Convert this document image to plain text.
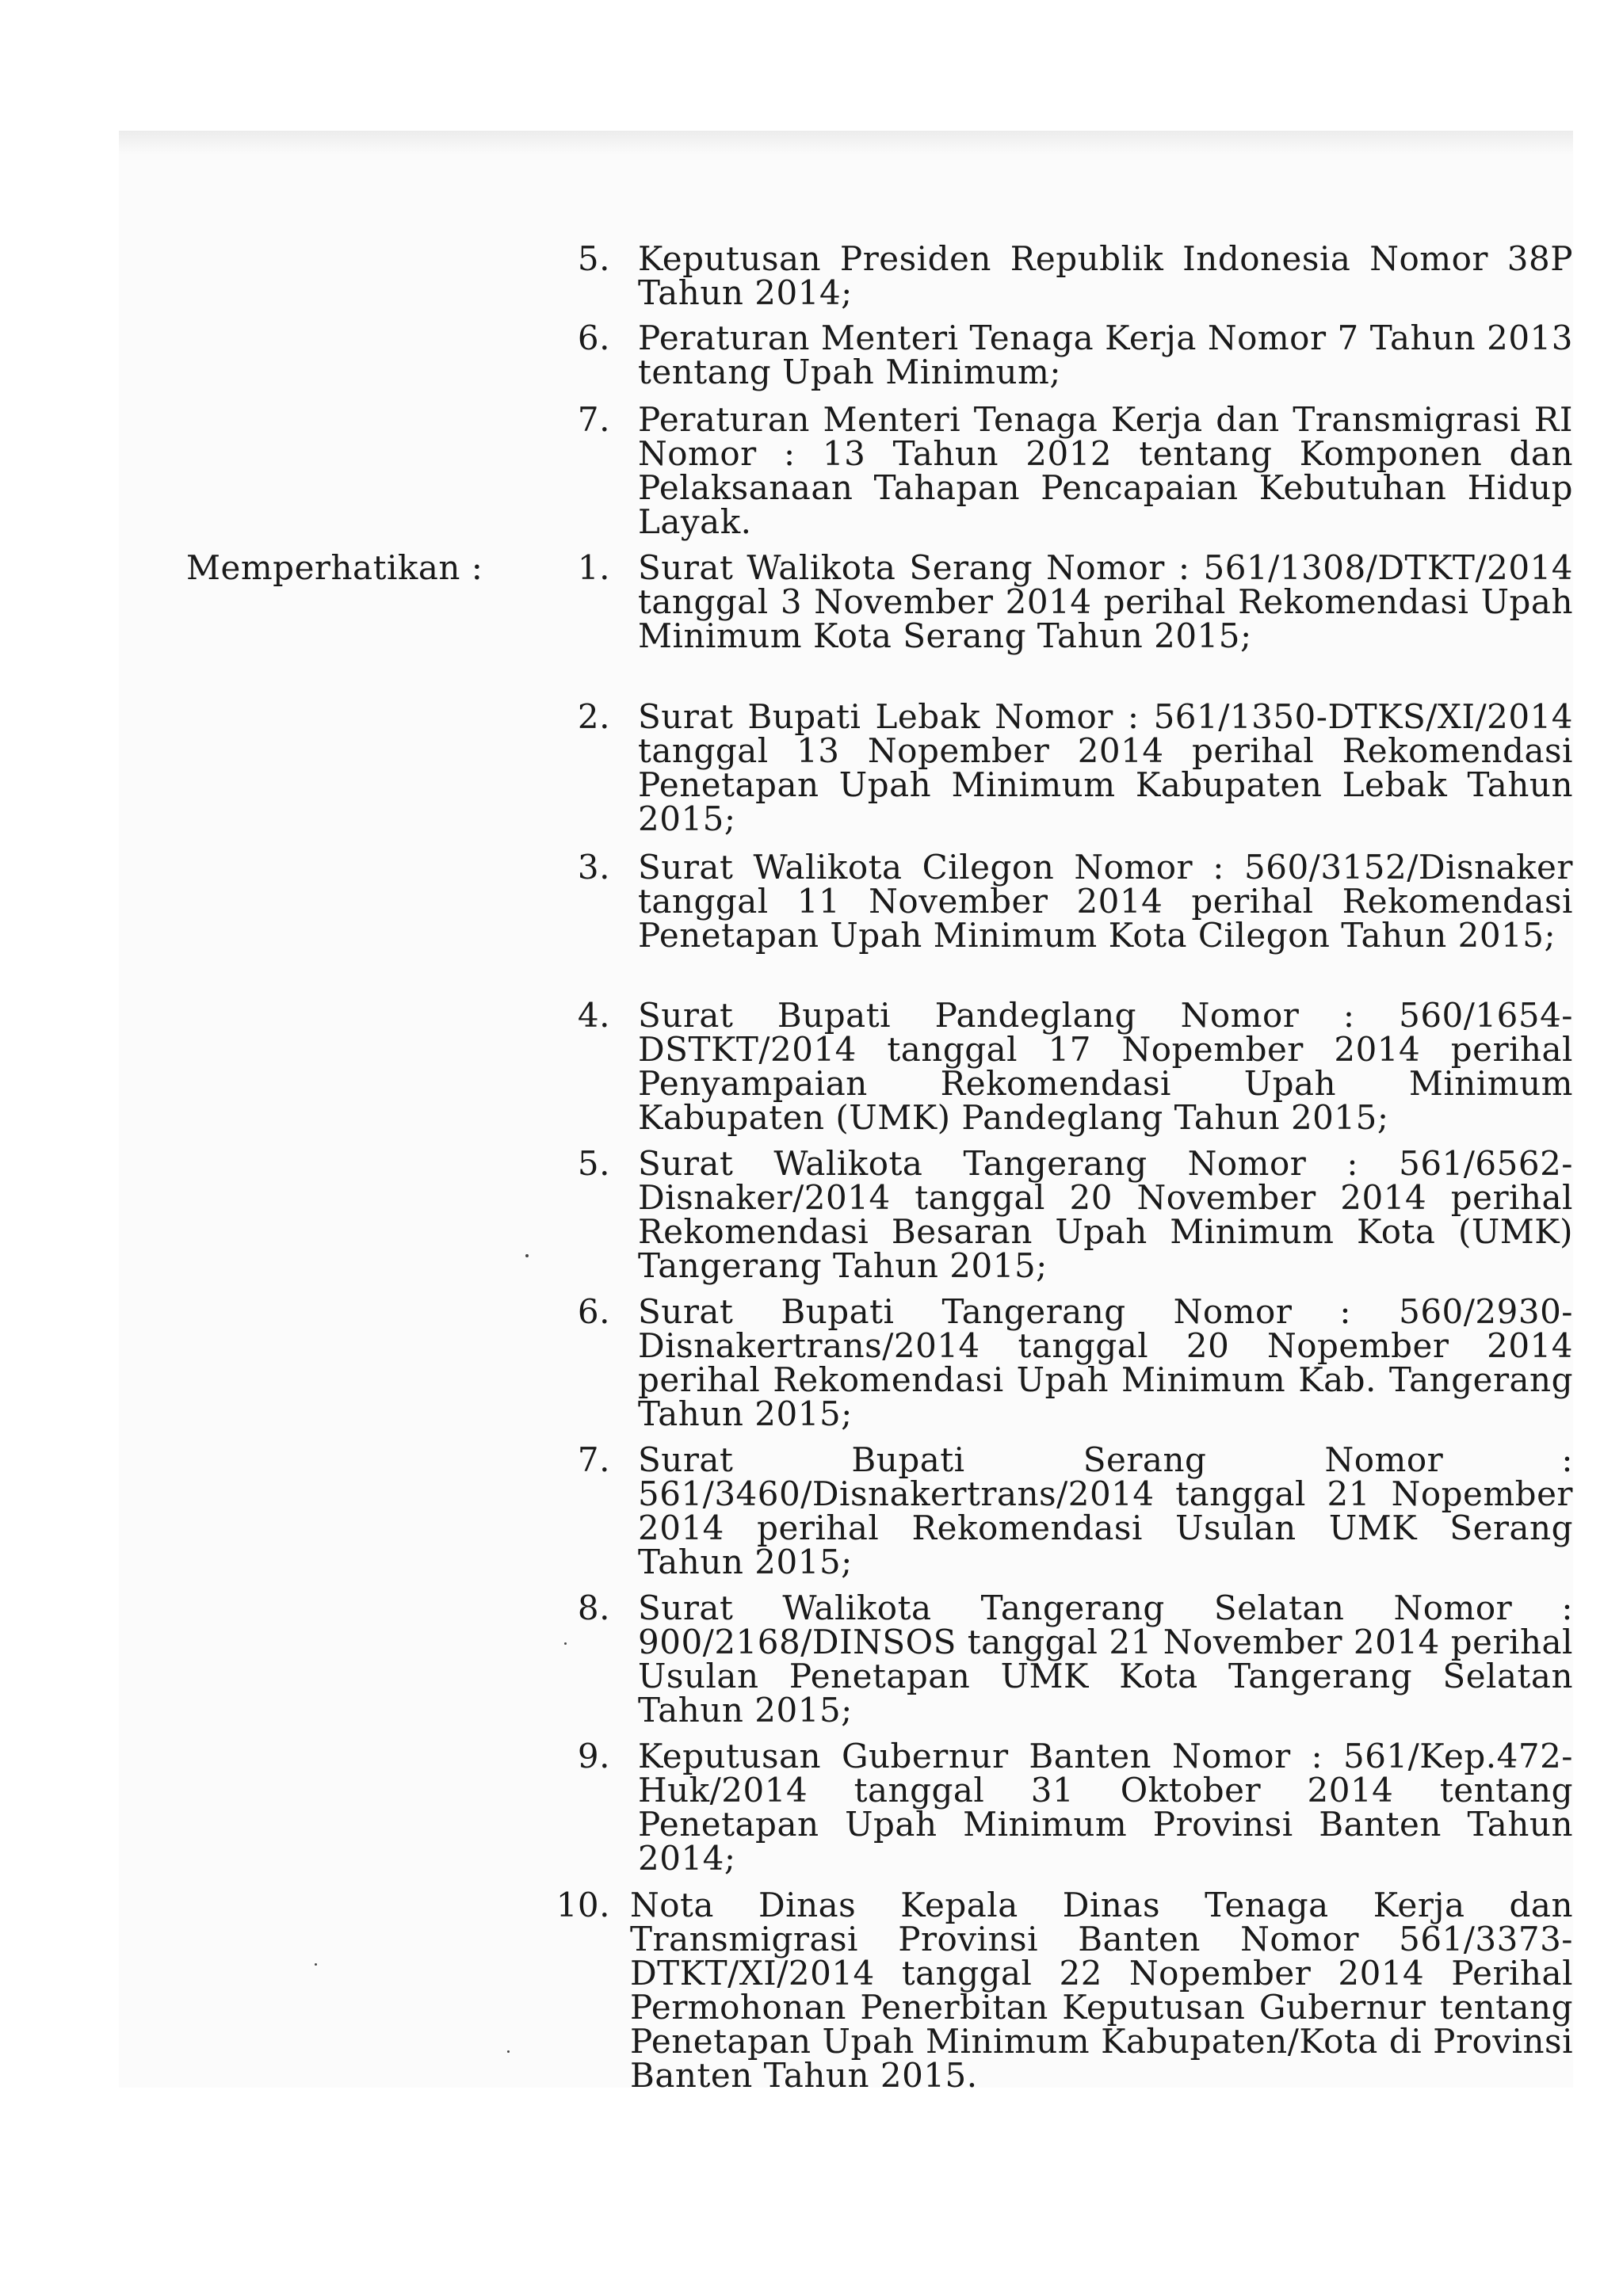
5. Keputusan Presiden Republik Indonesia Nomor 38P Tahun 2014;
6. Peraturan Menteri Tenaga Kerja Nomor 7 Tahun 2013 tentang Upah Minimum;
7. Peraturan Menteri Tenaga Kerja dan Transmigrasi RI Nomor : 13 Tahun 2012 tentang Komponen dan Pelaksanaan Tahapan Pencapaian Kebutuhan Hidup Layak.
Memperhatikan :	1. Surat Walikota Serang Nomor : 561/1308/DTKT/2014 tanggal 3 November 2014 perihal Rekomendasi Upah Minimum Kota Serang Tahun 2015;
2. Surat Bupati Lebak Nomor : 561/1350-DTKS/XI/2014 tanggal 13 Nopember 2014 perihal Rekomendasi Penetapan Upah Minimum Kabupaten Lebak Tahun 2015;
3. Surat Walikota Cilegon Nomor : 560/3152/Disnaker tanggal 11 November 2014 perihal Rekomendasi Penetapan Upah Minimum Kota Cilegon Tahun 2015;
4. Surat Bupati Pandeglang Nomor : 560/1654-DSTKT/2014 tanggal 17 Nopember 2014 perihal Penyampaian Rekomendasi Upah Minimum Kabupaten (UMK) Pandeglang Tahun 2015;
5. Surat Walikota Tangerang Nomor : 561/6562-Disnaker/2014 tanggal 20 November 2014 perihal Rekomendasi Besaran Upah Minimum Kota (UMK) Tangerang Tahun 2015;
6. Surat Bupati Tangerang Nomor : 560/2930-Disnakertrans/2014 tanggal 20 Nopember 2014 perihal Rekomendasi Upah Minimum Kab. Tangerang Tahun 2015;
7. Surat Bupati Serang Nomor : 561/3460/Disnakertrans/2014 tanggal 21 Nopember 2014 perihal Rekomendasi Usulan UMK Serang Tahun 2015;
8. Surat Walikota Tangerang Selatan Nomor : 900/2168/DINSOS tanggal 21 November 2014 perihal Usulan Penetapan UMK Kota Tangerang Selatan Tahun 2015;
9. Keputusan Gubernur Banten Nomor : 561/Kep.472-Huk/2014 tanggal 31 Oktober 2014 tentang Penetapan Upah Minimum Provinsi Banten Tahun 2014;
10. Nota Dinas Kepala Dinas Tenaga Kerja dan Transmigrasi Provinsi Banten Nomor 561/3373-DTKT/XI/2014 tanggal 22 Nopember 2014 Perihal Permohonan Penerbitan Keputusan Gubernur tentang Penetapan Upah Minimum Kabupaten/Kota di Provinsi Banten Tahun 2015.
